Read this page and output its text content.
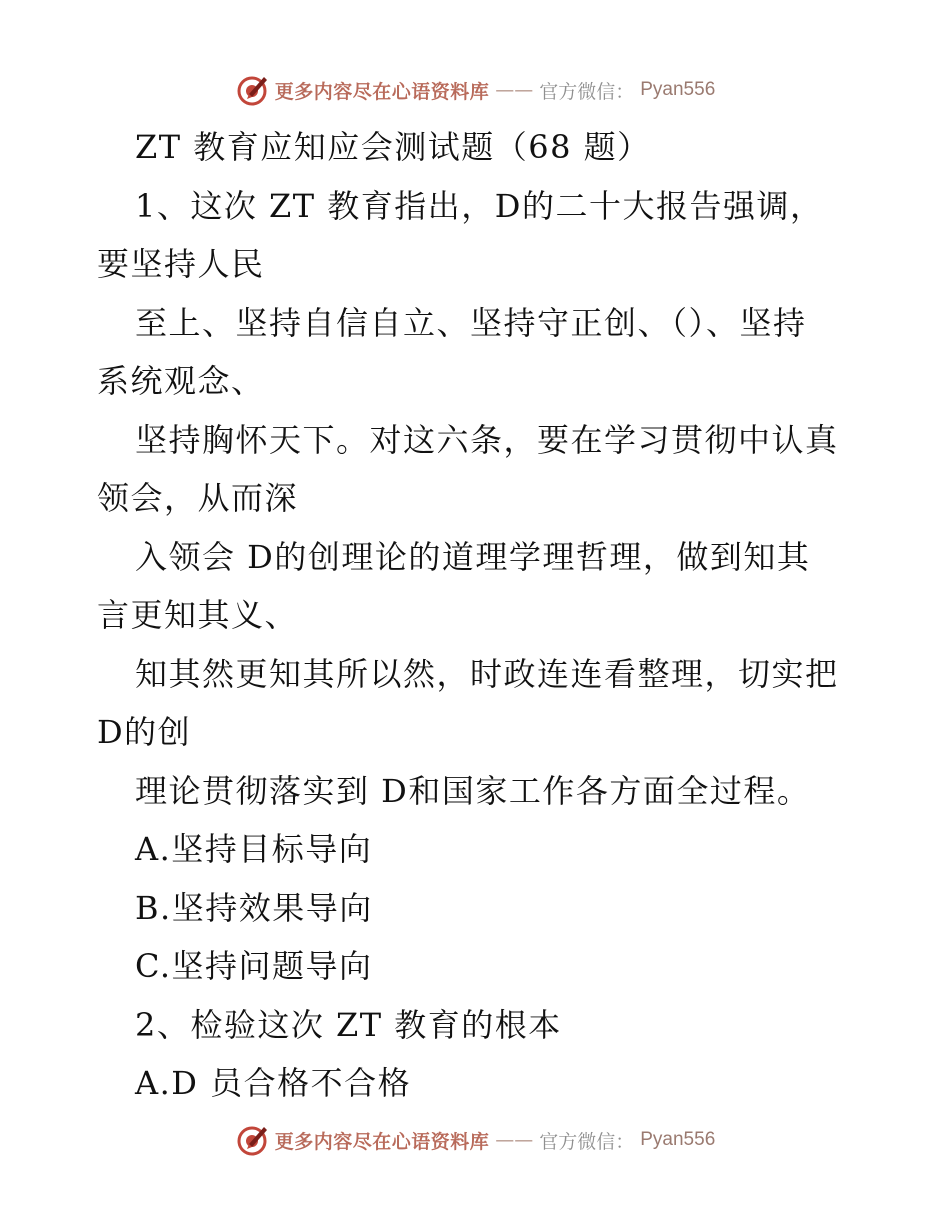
更多内容尽在心语资料库 —— 官方微信： Pyan556
ZT 教育应知应会测试题（68 题）
1、这次 ZT 教育指出，D的二十大报告强调，
要坚持人民
至上、坚持自信自立、坚持守正创、（）、坚持
系统观念、
坚持胸怀天下。对这六条，要在学习贯彻中认真
领会，从而深
入领会 D的创理论的道理学理哲理，做到知其
言更知其义、
知其然更知其所以然，时政连连看整理，切实把
D的创
理论贯彻落实到 D和国家工作各方面全过程。
A.坚持目标导向
B.坚持效果导向
C.坚持问题导向
2、检验这次 ZT 教育的根本
A.D 员合格不合格
更多内容尽在心语资料库 —— 官方微信： Pyan556
